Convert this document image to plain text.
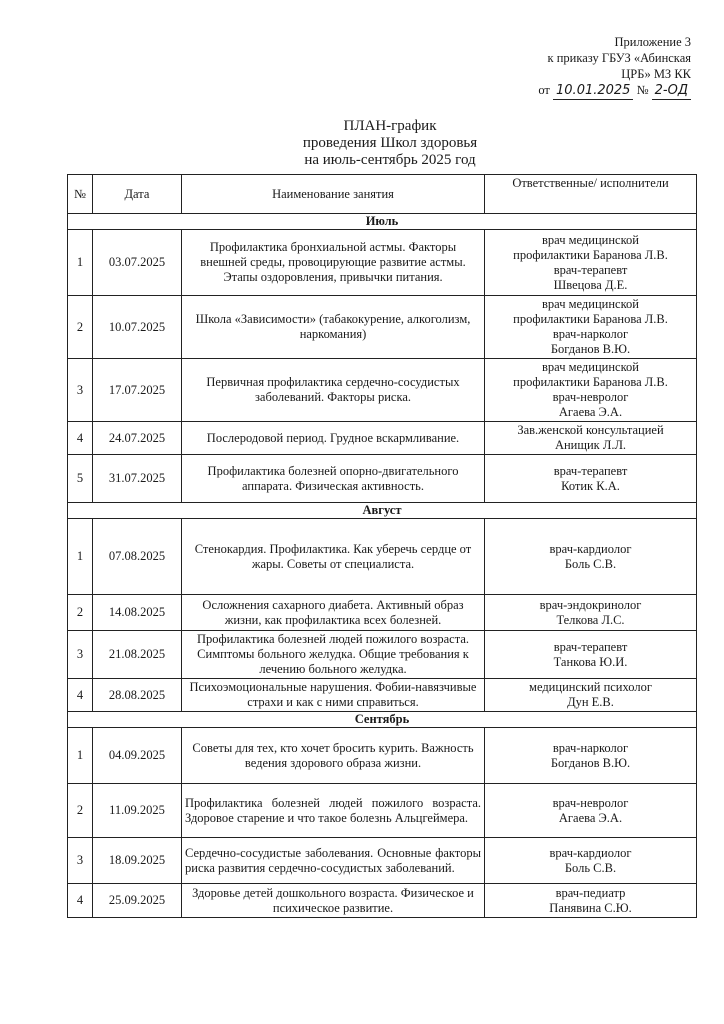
Приложение 3
к приказу ГБУЗ «Абинская
ЦРБ» МЗ КК
от 10.01.2025 № 2-ОД
ПЛАН-график
проведения Школ здоровья
на июль-сентябрь 2025 год
№	Дата	Наименование занятия	Ответственные/ исполнители
Июль			
1	03.07.2025	Профилактика бронхиальной астмы. Факторы внешней среды, провоцирующие развитие астмы. Этапы оздоровления, привычки питания.	врач медицинской
профилактики Баранова Л.В.
врач-терапевт
Швецова Д.Е.

2	10.07.2025	Школа «Зависимости» (табакокурение, алкоголизм, наркомания)	врач медицинской
профилактики Баранова Л.В.
врач-нарколог
Богданов В.Ю.

3	17.07.2025	Первичная профилактика сердечно-сосудистых заболеваний. Факторы риска.	врач медицинской
профилактики Баранова Л.В.
врач-невролог
Агаева Э.А.

4	24.07.2025	Послеродовой период. Грудное вскармливание.	Зав.женской консультацией
Анищик Л.Л.

5	31.07.2025	Профилактика болезней опорно-двигательного аппарата. Физическая активность.	врач-терапевт
Котик К.А.

Август			
1	07.08.2025	Стенокардия. Профилактика. Как уберечь сердце от жары. Советы от специалиста.	врач-кардиолог
Боль С.В.

2	14.08.2025	Осложнения сахарного диабета. Активный образ жизни, как профилактика всех болезней.	врач-эндокринолог
Телкова Л.С.

3	21.08.2025	Профилактика болезней людей пожилого возраста. Симптомы больного желудка. Общие требования к лечению больного желудка.	врач-терапевт
Танкова Ю.И.

4	28.08.2025	Психоэмоциональные нарушения. Фобии-навязчивые страхи и как с ними справиться.	медицинский психолог
Дун Е.В.

Сентябрь			
1	04.09.2025	Советы для тех, кто хочет бросить курить. Важность ведения здорового образа жизни.	врач-нарколог
Богданов В.Ю.

2	11.09.2025	Профилактика болезней людей пожилого возраста. Здоровое старение и что такое болезнь Альцгеймера.	врач-невролог
Агаева Э.А.

3	18.09.2025	Сердечно-сосудистые заболевания. Основные факторы риска развития сердечно-сосудистых заболеваний.	врач-кардиолог
Боль С.В.

4	25.09.2025	Здоровье детей дошкольного возраста. Физическое и психическое развитие.	врач-педиатр
Панявина С.Ю.
